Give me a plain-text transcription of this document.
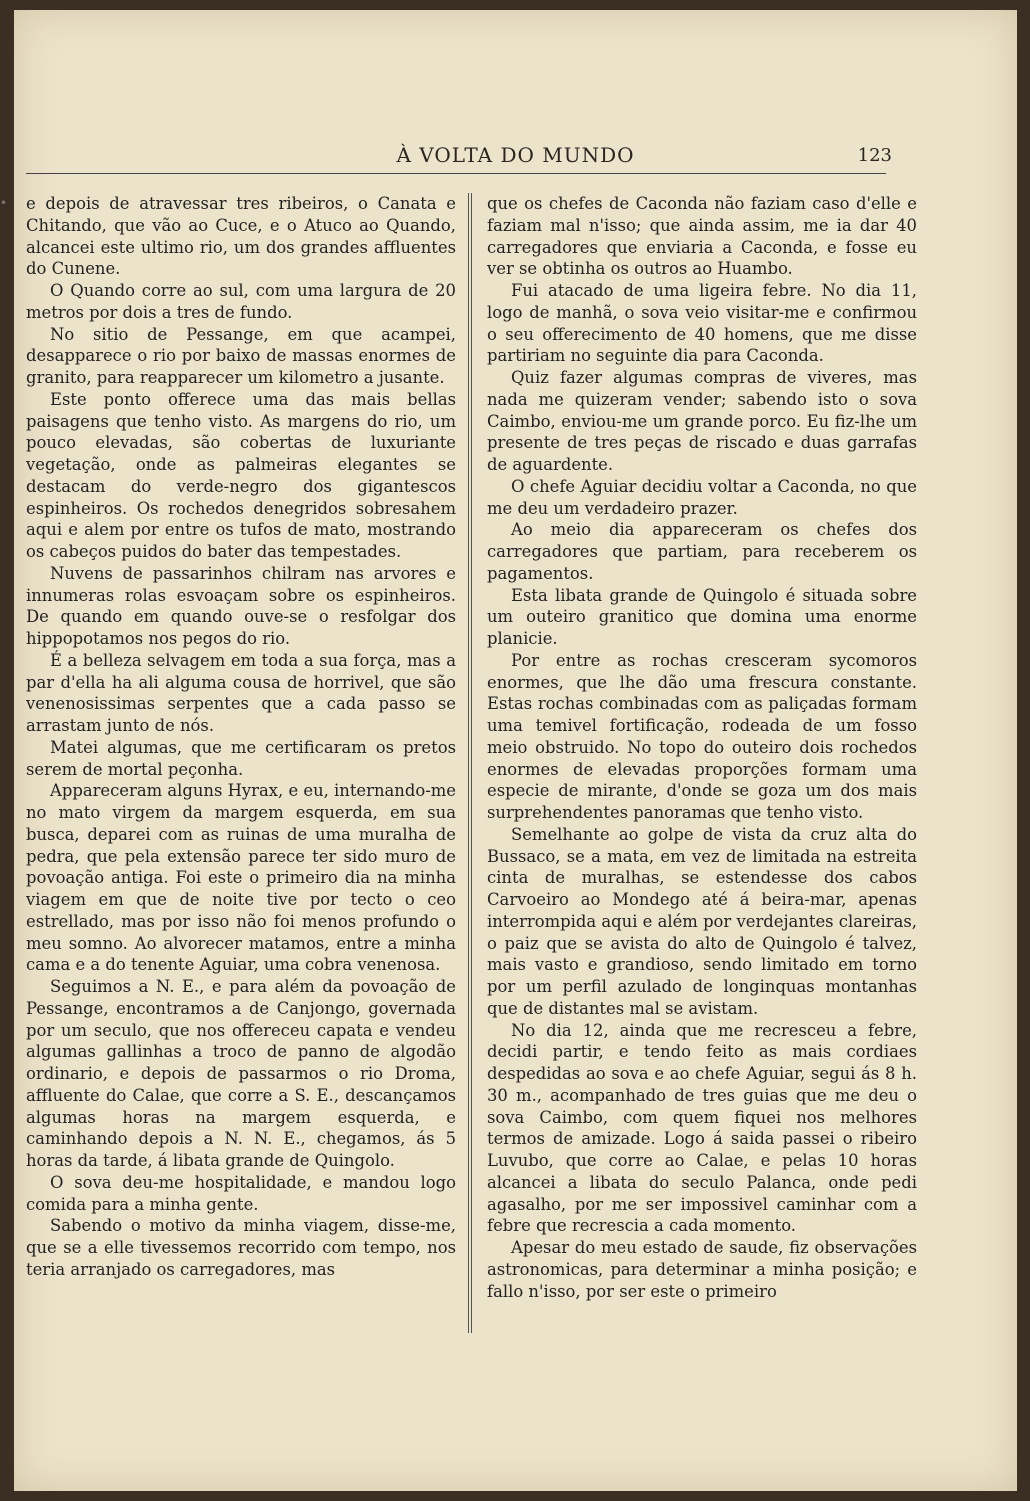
À VOLTA DO MUNDO	123
• e depois de atravessar tres ribeiros, o Canata e Chitando, que vão ao Cuce, e o Atuco ao Quando, alcancei este ultimo rio, um dos grandes affluentes do Cunene.

O Quando corre ao sul, com uma largura de 20 metros por dois a tres de fundo.

No sitio de Pessange, em que acampei, desapparece o rio por baixo de massas enormes de granito, para reapparecer um kilometro a jusante.

Este ponto offerece uma das mais bellas paisagens que tenho visto. As margens do rio, um pouco elevadas, são cobertas de luxuriante vegetação, onde as palmeiras elegantes se destacam do verde-negro dos gigantescos espinheiros. Os rochedos denegridos sobresahem aqui e alem por entre os tufos de mato, mostrando os cabeços puidos do bater das tempestades.

Nuvens de passarinhos chilram nas arvores e innumeras rolas esvoaçam sobre os espinheiros. De quando em quando ouve-se o resfolgar dos hippopotamos nos pegos do rio.

É a belleza selvagem em toda a sua força, mas a par d'ella ha ali alguma cousa de horrivel, que são venenosissimas serpentes que a cada passo se arrastam junto de nós.

Matei algumas, que me certificaram os pretos serem de mortal peçonha.

Appareceram alguns Hyrax, e eu, internando-me no mato virgem da margem esquerda, em sua busca, deparei com as ruinas de uma muralha de pedra, que pela extensão parece ter sido muro de povoação antiga. Foi este o primeiro dia na minha viagem em que de noite tive por tecto o ceo estrellado, mas por isso não foi menos profundo o meu somno. Ao alvorecer matamos, entre a minha cama e a do tenente Aguiar, uma cobra venenosa.

Seguimos a N. E., e para além da povoação de Pessange, encontramos a de Canjongo, governada por um seculo, que nos offereceu capata e vendeu algumas gallinhas a troco de panno de algodão ordinario, e depois de passarmos o rio Droma, affluente do Calae, que corre a S. E., descançamos algumas horas na margem esquerda, e caminhando depois a N. N. E., chegamos, ás 5 horas da tarde, á libata grande de Quingolo.

O sova deu-me hospitalidade, e mandou logo comida para a minha gente.

Sabendo o motivo da minha viagem, disse-me, que se a elle tivessemos recorrido com tempo, nos teria arranjado os carregadores, mas

que os chefes de Caconda não faziam caso d'elle e faziam mal n'isso; que ainda assim, me ia dar 40 carregadores que enviaria a Caconda, e fosse eu ver se obtinha os outros ao Huambo.

Fui atacado de uma ligeira febre. No dia 11, logo de manhã, o sova veio visitar-me e confirmou o seu offerecimento de 40 homens, que me disse partiriam no seguinte dia para Caconda.

Quiz fazer algumas compras de viveres, mas nada me quizeram vender; sabendo isto o sova Caimbo, enviou-me um grande porco. Eu fiz-lhe um presente de tres peças de riscado e duas garrafas de aguardente.

O chefe Aguiar decidiu voltar a Caconda, no que me deu um verdadeiro prazer.

Ao meio dia appareceram os chefes dos carregadores que partiam, para receberem os pagamentos.

Esta libata grande de Quingolo é situada sobre um outeiro granitico que domina uma enorme planicie.

Por entre as rochas cresceram sycomoros enormes, que lhe dão uma frescura constante. Estas rochas combinadas com as paliçadas formam uma temivel fortificação, rodeada de um fosso meio obstruido. No topo do outeiro dois rochedos enormes de elevadas proporções formam uma especie de mirante, d'onde se goza um dos mais surprehendentes panoramas que tenho visto.

Semelhante ao golpe de vista da cruz alta do Bussaco, se a mata, em vez de limitada na estreita cinta de muralhas, se estendesse dos cabos Carvoeiro ao Mondego até á beira-mar, apenas interrompida aqui e além por verdejantes clareiras, o paiz que se avista do alto de Quingolo é talvez, mais vasto e grandioso, sendo limitado em torno por um perfil azulado de longinquas montanhas que de distantes mal se avistam.

No dia 12, ainda que me recresceu a febre, decidi partir, e tendo feito as mais cordiaes despedidas ao sova e ao chefe Aguiar, segui ás 8 h. 30 m., acompanhado de tres guias que me deu o sova Caimbo, com quem fiquei nos melhores termos de amizade. Logo á saida passei o ribeiro Luvubo, que corre ao Calae, e pelas 10 horas alcancei a libata do seculo Palanca, onde pedi agasalho, por me ser impossivel caminhar com a febre que recrescia a cada momento.

Apesar do meu estado de saude, fiz observações astronomicas, para determinar a minha posição; e fallo n'isso, por ser este o primeiro
